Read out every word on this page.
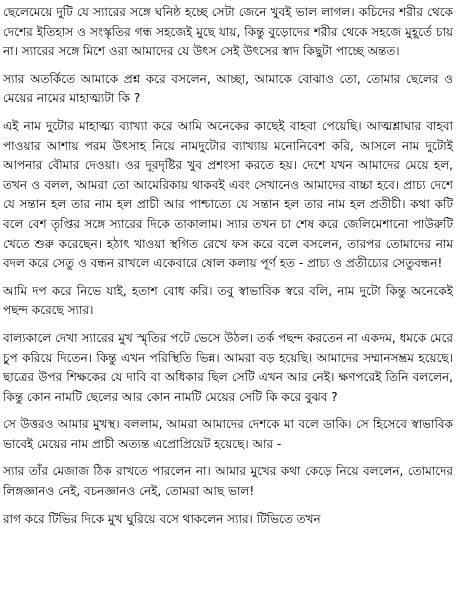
ছেলেমেয়ে দুটি যে স্যারের সঙ্গে ঘনিষ্ঠ হচ্ছে সেটা জেনে খুবই ভাল লাগল। কচিদের শরীর থেকে দেশের ইতিহাস ও সংস্কৃতির গন্ধ সহজেই মুছে যায়, কিন্তু বুড়োদের শরীর থেকে সহজে মুহূর্তে চায় না। স্যারের সঙ্গে মিশে ওরা আমাদের যে উৎস সেই উৎসের স্বাদ কিছুটা পাচ্ছে অন্তত।

স্যার অতর্কিতে আমাকে প্রশ্ন করে বসলেন, আচ্ছা, আমাকে বোঝাও তো, তোমার ছেলের ও মেয়ের নামের মাহাত্ম্যটা কি ?

এই নাম দুটোর মাহাত্ম্য ব্যাখ্যা করে আমি অনেকের কাছেই বাহবা পেয়েছি। আত্মশ্লাঘার বাহবা পাওয়ার আশায় পরম উৎসাহ নিয়ে নামদুটোর ব্যাখ্যায় মনোনিবেশ করি, আসলে নাম দুটোই আপনার বৌমার দেওয়া। ওর দূরদৃষ্টির খুব প্রশংসা করতে হয়। দেশে যখন আমাদের মেয়ে হল, তখন ও বলল, আমরা তো আমেরিকায় থাকবই এবং সেখানেও আমাদের বাচ্চা হবে। প্রাচ্য দেশে যে সন্তান হল তার নাম হল প্রাচী আর পাশ্চাত্যে যে সন্তান হল তার নাম হল প্রতীচী। কথা কটি বলে বেশ তৃপ্তির সঙ্গে স্যারের দিকে তাকালাম। স্যার তখন চা শেষ করে জেলিমেশানো পাউরুটি খেতে শুরু করেছেন। হঠাৎ খাওয়া স্থগিত রেখে ফস করে বলে বসলেন, তারপর তোমাদের নাম বদল করে সেতু ও বন্ধন রাখলে একেবারে ষোল কলায় পূর্ণ হত - প্রাচ্য ও প্রতীচ্যের সেতুবন্ধন!

আমি দপ করে নিভে যাই, হতাশ বোধ করি। তবু স্বাভাবিক স্বরে বলি, নাম দুটো কিন্তু অনেকেই পছন্দ করেছে স্যার।

বাল্যকালে দেখা স্যারের মুখ স্মৃতির পটে ভেসে উঠল। তর্ক পছন্দ করতেন না একদম, ধমকে মেরে চুপ করিয়ে দিতেন। কিন্তু এখন পরিস্থিতি ভিন্ন। আমরা বড় হয়েছি। আমাদের সম্মানসম্ভ্রম হয়েছে। ছাত্রের উপর শিক্ষকের যে দাবি বা অধিকার ছিল সেটি এখন আর নেই। ক্ষণপরেই তিনি বললেন, কিন্তু কোন নামটি ছেলের আর কোন নামটি মেয়ের সেটি কি করে বুঝব ?

সে উত্তরও আমার মুখস্থ। বললাম, আমরা আমাদের দেশকে মা বলে ডাকি। সে হিসেবে স্বাভাবিক ভাবেই মেয়ের নাম প্রাচী অত্যন্ত এপ্রোপ্রিয়েট হয়েছে। আর -

স্যার তাঁর মেজাজ ঠিক রাখতে পারলেন না। আমার মুখের কথা কেড়ে নিয়ে বললেন, তোমাদের লিঙ্গজ্ঞানও নেই, বচনজ্ঞানও নেই, তোমরা আছ ভাল!

রাগ করে টিভির দিকে মুখ ঘুরিয়ে বসে থাকলেন স্যার। টিভিতে তখন
